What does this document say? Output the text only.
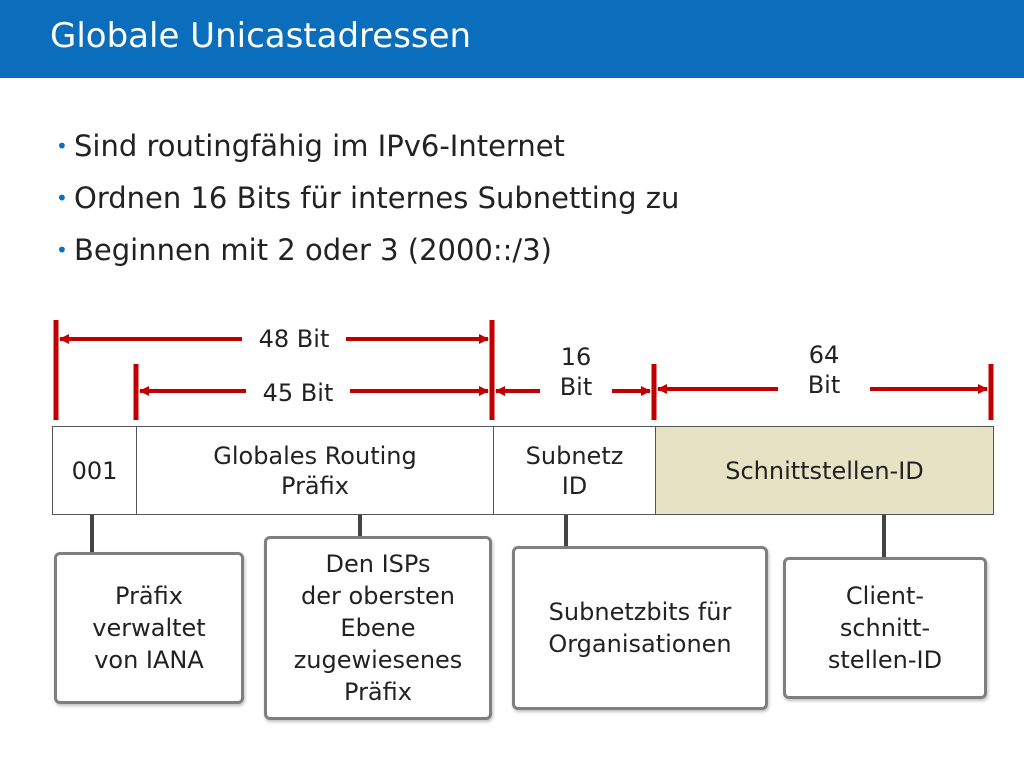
Globale Unicastadressen
• Sind routingfähig im IPv6-Internet
• Ordnen 16 Bits für internes Subnetting zu
• Beginnen mit 2 oder 3 (2000::/3)
48 Bit
45 Bit
16
Bit
64
Bit
001
Globales Routing
Präfix
Subnetz
ID
Schnittstellen-ID
Präfix
verwaltet
von IANA
Den ISPs
der obersten
Ebene
zugewiesenes
Präfix
Subnetzbits für
Organisationen
Client-
schnitt-
stellen-ID
